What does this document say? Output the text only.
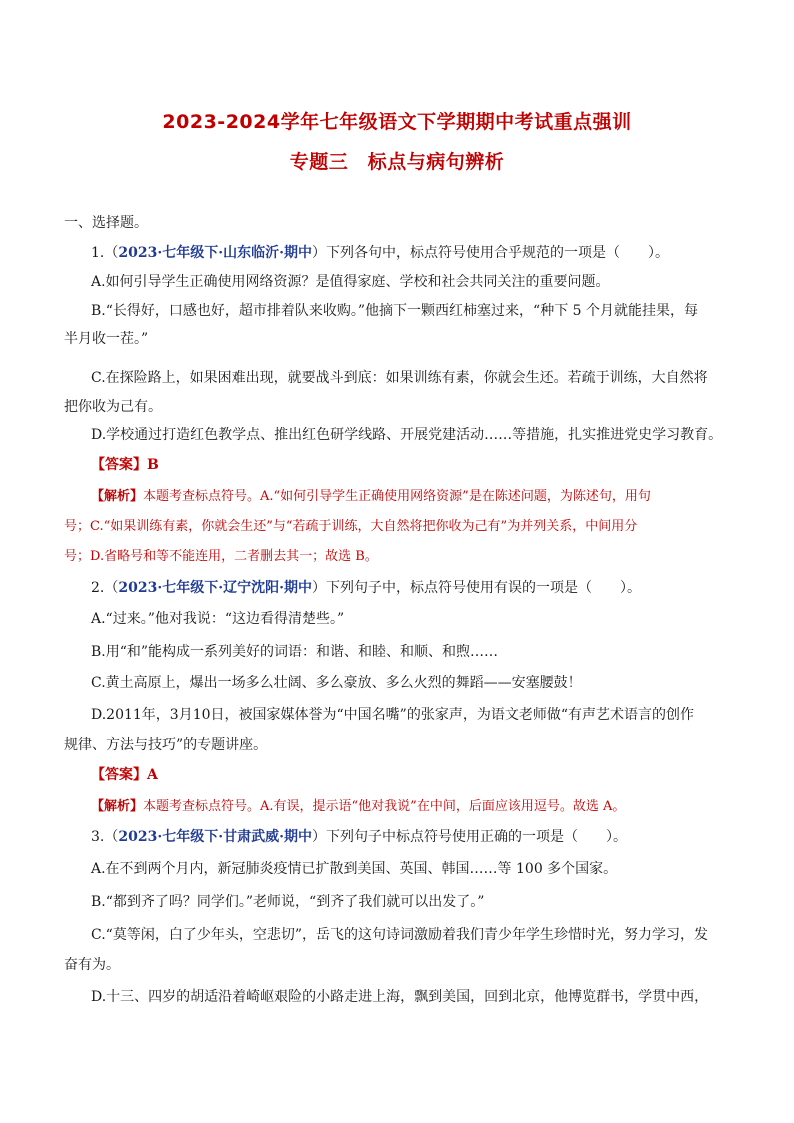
2023-2024学年七年级语文下学期期中考试重点强训
专题三　标点与病句辨析
一、选择题。
1.（2023·七年级下·山东临沂·期中）下列各句中，标点符号使用合乎规范的一项是（　　）。
A.如何引导学生正确使用网络资源？是值得家庭、学校和社会共同关注的重要问题。
B.“长得好，口感也好，超市排着队来收购。”他摘下一颗西红柿塞过来，“种下 5 个月就能挂果，每
半月收一茬。”
C.在探险路上，如果困难出现，就要战斗到底：如果训练有素，你就会生还。若疏于训练，大自然将
把你收为己有。
D.学校通过打造红色教学点、推出红色研学线路、开展党建活动……等措施，扎实推进党史学习教育。
【答案】B
【解析】本题考查标点符号。A.“如何引导学生正确使用网络资源”是在陈述问题，为陈述句，用句
号；C.“如果训练有素，你就会生还”与“若疏于训练，大自然将把你收为己有”为并列关系，中间用分
号；D.省略号和等不能连用，二者删去其一；故选 B。
2.（2023·七年级下·辽宁沈阳·期中）下列句子中，标点符号使用有误的一项是（　　）。
A.“过来。”他对我说：“这边看得清楚些。”
B.用“和”能构成一系列美好的词语：和谐、和睦、和顺、和煦……
C.黄土高原上，爆出一场多么壮阔、多么豪放、多么火烈的舞蹈——安塞腰鼓！
D.2011年，3月10日，被国家媒体誉为“中国名嘴”的张家声，为语文老师做“有声艺术语言的创作
规律、方法与技巧”的专题讲座。
【答案】A
【解析】本题考查标点符号。A.有误，提示语“他对我说”在中间，后面应该用逗号。故选 A。
3.（2023·七年级下·甘肃武威·期中）下列句子中标点符号使用正确的一项是（　　）。
A.在不到两个月内，新冠肺炎疫情已扩散到美国、英国、韩国……等 100 多个国家。
B.“都到齐了吗？同学们。”老师说，“到齐了我们就可以出发了。”
C.“莫等闲，白了少年头，空悲切”，岳飞的这句诗词激励着我们青少年学生珍惜时光，努力学习，发
奋有为。
D.十三、四岁的胡适沿着崎岖艰险的小路走进上海，飘到美国，回到北京，他博览群书，学贯中西，
